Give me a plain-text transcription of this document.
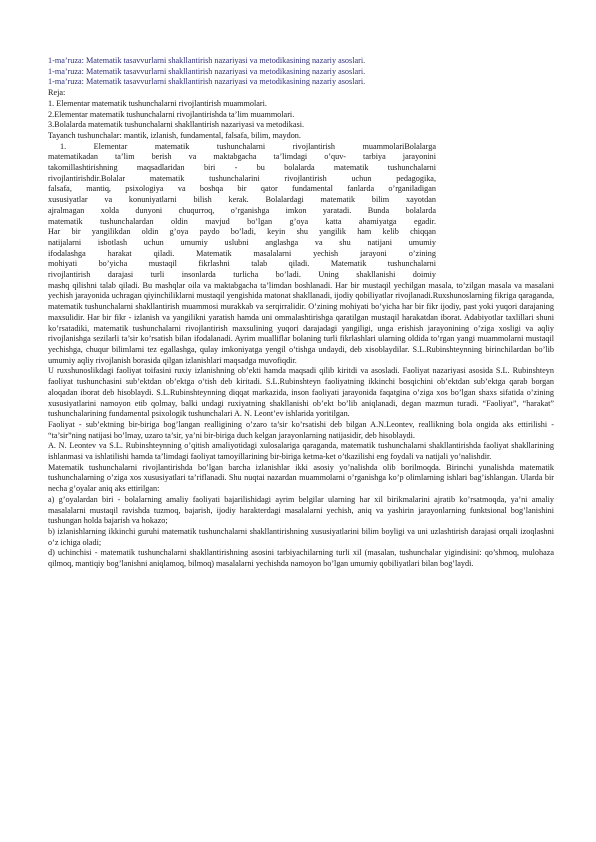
1-ma’ruza: Matematik tasavvurlarni shakllantirish nazariyasi va metodikasining nazariy asoslari.
1-ma’ruza: Matematik tasavvurlarni shakllantirish nazariyasi va metodikasining nazariy asoslari.
1-ma’ruza: Matematik tasavvurlarni shakllantirish nazariyasi va metodikasining nazariy asoslari.
Reja:
1. Elementar matematik tushunchalarni rivojlantirish muammolari.
2.Elementar matematik tushunchalarni rivojlantirishda ta’lim muammolari.
3.Bolalarda matematik tushunchalarni shakllantirish nazariyasi va metodikasi.
Tayanch tushunchalar: mantik, izlanish, fundamental, falsafa, bilim, maydon.
1. Elementar matematik tushunchalarni rivojlantirish muammolariBolalarga
matematikadan ta’lim berish va maktabgacha ta’limdagi o’quv- tarbiya jarayonini
takomillashtirishning maqsadlaridan biri - bu bolalarda matematik tushunchalarni
rivojlantirishdir.Bolalar matematik tushunchalarini rivojlantirish uchun pedagogika,
falsafa, mantiq, psixologiya va boshqa bir qator fundamental fanlarda o’rganiladigan
xususiyatlar va konuniyatlarni bilish kerak. Bolalardagi matematik bilim xayotdan
ajralmagan xolda dunyoni chuqurroq, o’rganishga imkon yaratadi. Bunda bolalarda
matematik tushunchalardan oldin mavjud bo’lgan g’oya katta ahamiyatga egadir.
Har bir yangilikdan oldin g’oya paydo bo’ladi, keyin shu yangilik ham kelib chiqqan
natijalarni isbotlash uchun umumiy uslubni anglashga va shu natijani umumiy
ifodalashga harakat qiladi. Matematik masalalarni yechish jarayoni o’zining
mohiyati bo’yicha mustaqil fikrlashni talab qiladi. Matematik tushunchalarni
rivojlantirish darajasi turli insonlarda turlicha bo’ladi. Uning shakllanishi doimiy

mashq qilishni talab qiladi. Bu mashqlar oila va maktabgacha ta’limdan boshlanadi. Har bir mustaqil yechilgan masala, to’zilgan masala va masalani yechish jarayonida uchragan qiyinchiliklarni mustaqil yengishida matonat shakllanadi, ijodiy qobiliyatlar rivojlanadi.Ruxshunoslarning fikriga qaraganda, matematik tushunchalarni shakllantirish muammosi murakkab va serqirralidir. O’zining mohiyati bo’yicha har bir fikr ijodiy, past yoki yuqori darajaning maxsulidir. Har bir fikr - izlanish va yangilikni yaratish hamda uni ommalashtirishga qaratilgan mustaqil harakatdan iborat. Adabiyotlar taxlillari shuni ko’rsatadiki, matematik tushunchalarni rivojlantirish maxsulining yuqori darajadagi yangiligi, unga erishish jarayonining o’ziga xosligi va aqliy rivojlanishga sezilarli ta’sir ko’rsatish bilan ifodalanadi. Ayrim mualliflar bolaning turli fikrlashlari ularning oldida to’rgan yangi muammolarni mustaqil yechishga, chuqur bilimlarni tez egallashga, qulay imkoniyatga yengil o’tishga undaydi, deb xisoblaydilar. S.L.Rubinshteynning birinchilardan bo’lib umumiy aqliy rivojlanish borasida qilgan izlanishlari maqsadga muvofiqdir.

U ruxshunoslikdagi faoliyat toifasini ruxiy izlanishning ob’ekti hamda maqsadi qilib kiritdi va asosladi. Faoliyat nazariyasi asosida S.L. Rubinshteyn faoliyat tushunchasini sub’ektdan ob’ektga o’tish deb kiritadi. S.L.Rubinshteyn faoliyatning ikkinchi bosqichini ob’ektdan sub’ektga qarab borgan aloqadan iborat deb hisoblaydi. S.L.Rubinshteynning diqqat markazida, inson faoliyati jarayonida faqatgina o’ziga xos bo’lgan shaxs sifatida o’zining xususiyatlarini namoyon etib qolmay, balki undagi ruxiyatning shakllanishi ob’ekt bo’lib aniqlanadi, degan mazmun turadi. “Faoliyat”, “harakat” tushunchalarining fundamental psixologik tushunchalari A. N. Leont’ev ishlarida yoritilgan.

Faoliyat - sub’ektning bir-biriga bog’langan realligining o’zaro ta’sir ko’rsatishi deb bilgan A.N.Leontev, reallikning bola ongida aks ettirilishi - “ta’sir”ning natijasi bo’lmay, uzaro ta’sir, ya’ni bir-biriga duch kelgan jarayonlarning natijasidir, deb hisoblaydi.

A. N. Leontev va S.L. Rubinshteynning o’qitish amaliyotidagi xulosalariga qaraganda, matematik tushunchalarni shakllantirishda faoliyat shakllarining ishlanmasi va ishlatilishi hamda ta’limdagi faoliyat tamoyillarining bir-biriga ketma-ket o’tkazilishi eng foydali va natijali yo’nalishdir.

Matematik tushunchalarni rivojlantirishda bo’lgan barcha izlanishlar ikki asosiy yo’nalishda olib borilmoqda. Birinchi yunalishda matematik tushunchalarning o’ziga xos xususiyatlari ta’riflanadi. Shu nuqtai nazardan muammolarni o’rganishga ko’p olimlarning ishlari bag’ishlangan. Ularda bir necha g’oyalar aniq aks ettirilgan:

a) g’oyalardan biri - bolalarning amaliy faoliyati bajarilishidagi ayrim belgilar ularning har xil birikmalarini ajratib ko’rsatmoqda, ya’ni amaliy masalalarni mustaqil ravishda tuzmoq, bajarish, ijodiy harakterdagi masalalarni yechish, aniq va yashirin jarayonlarning funktsional bog’lanishini tushungan holda bajarish va hokazo;

b) izlanishlarning ikkinchi guruhi matematik tushunchalarni shakllantirishning xususiyatlarini bilim boyligi va uni uzlashtirish darajasi orqali izoqlashni o’z ichiga oladi;

d) uchinchisi - matematik tushunchalarni shakllantirishning asosini tarbiyachilarning turli xil (masalan, tushunchalar yigindisini: qo’shmoq, mulohaza qilmoq, mantiqiy bog’lanishni aniqlamoq, bilmoq) masalalarni yechishda namoyon bo’lgan umumiy qobiliyatlari bilan bog’laydi.
